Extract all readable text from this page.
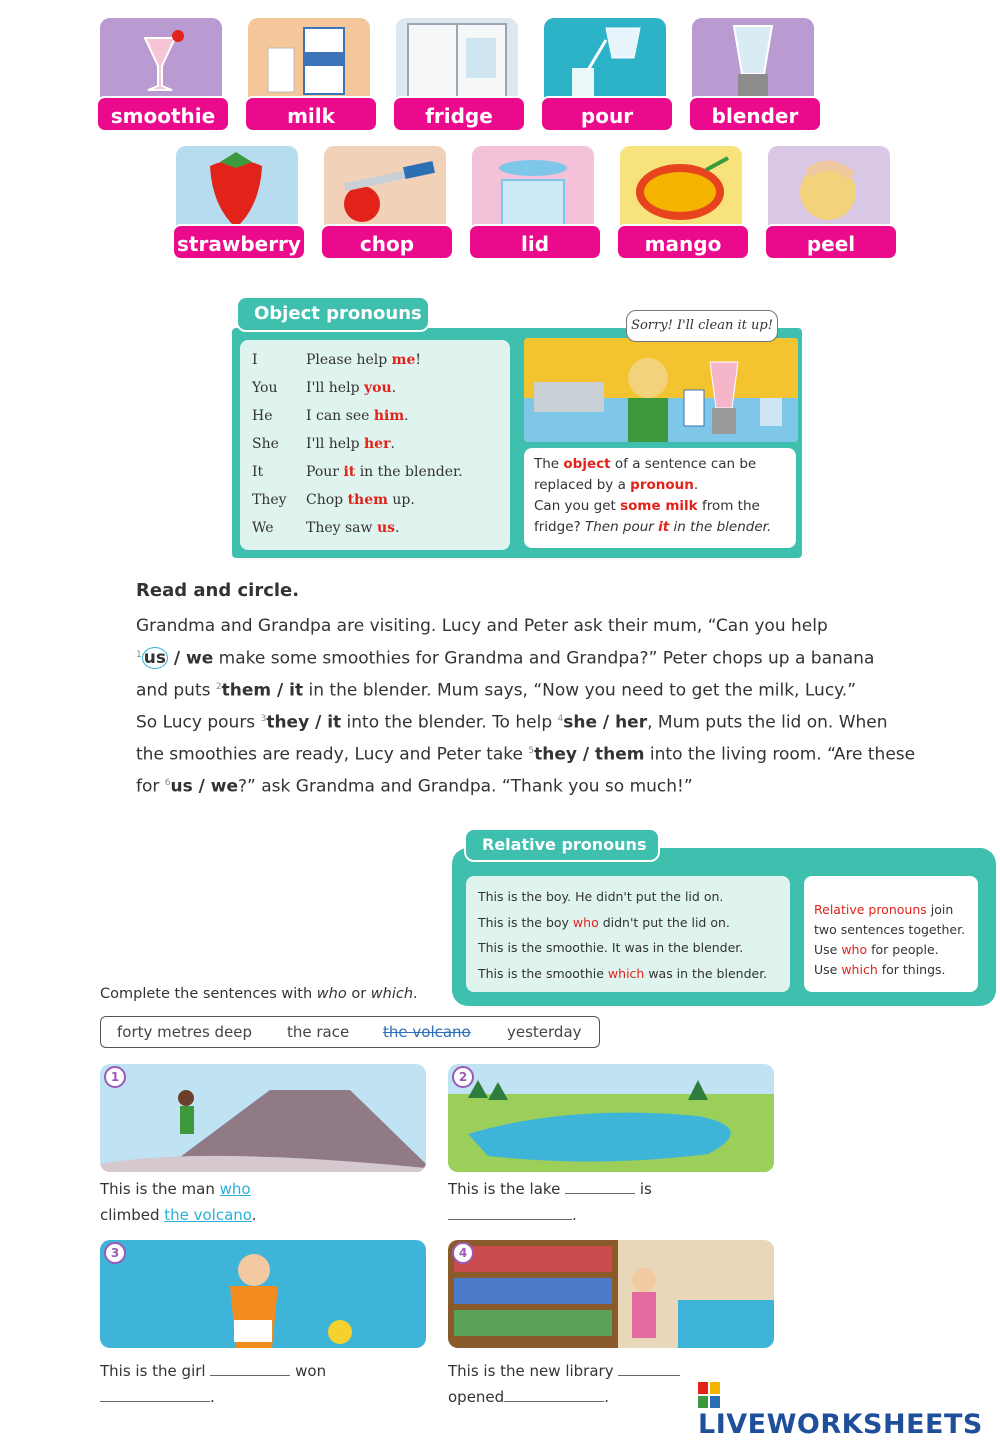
smoothie	milk	fridge	pour	blender
strawberry	chop	lid	mango	peel
Object pronouns
I	Please help me!
You I'll help you.
He I can see him.
She I'll help her.
It	Pour it in the blender.
They Chop them up.
We They saw us.
Sorry! I'll clean it up!
The object of a sentence can be
replaced by a pronoun.
Can you get some milk from the
fridge? Then pour it in the blender.
Read and circle.
Grandma and Grandpa are visiting. Lucy and Peter ask their mum, “Can you help
$^1$ us / we make some smoothies for Grandma and Grandpa?” Peter chops up a banana
and puts $^2$them / it in the blender. Mum says, “Now you need to get the milk, Lucy.”
So Lucy pours $^3$they / it into the blender. To help $^4$she / her, Mum puts the lid on. When
the smoothies are ready, Lucy and Peter take $^5$they / them into the living room. “Are these
for $^6$us / we?” ask Grandma and Grandpa. “Thank you so much!”
Relative pronouns
This is the boy. He didn't put the lid on.
This is the boy who didn't put the lid on.
This is the smoothie. It was in the blender.
This is the smoothie which was in the blender.
Relative pronouns join
two sentences together.
Use who for people.
Use which for things.
Complete the sentences with who or which.
forty metres deep the race the volcano yesterday
1
This is the man who
climbed the volcano.
2
This is the lake	is
.
3
This is the girl	won
.
4
This is the new library
opened	.
LIVEWORKSHEETS
